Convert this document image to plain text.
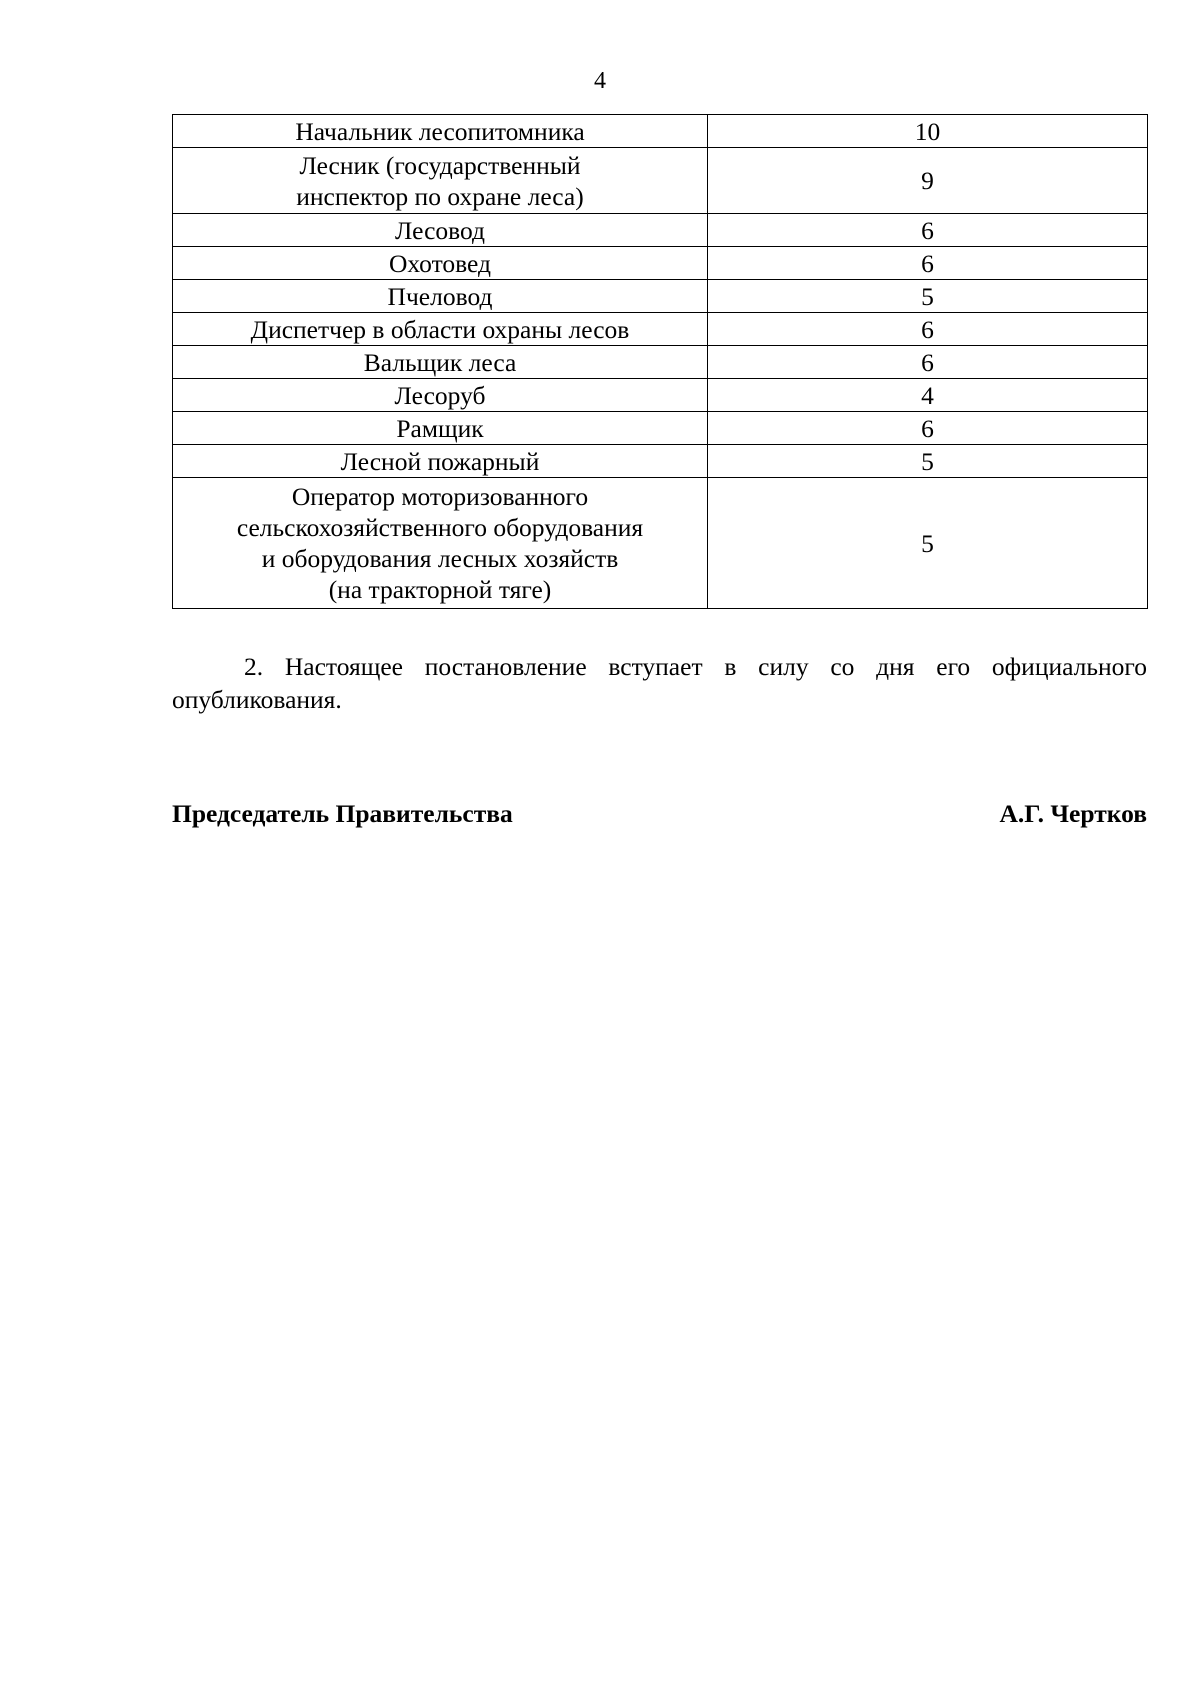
4
Начальник лесопитомника	10

Лесник (государственный
инспектор по охране леса)	9

Лесовод	6

Охотовед	6

Пчеловод	5

Диспетчер в области охраны лесов	6

Вальщик леса	6

Лесоруб	4

Рамщик	6

Лесной пожарный	5

Оператор моторизованного
сельскохозяйственного оборудования
и оборудования лесных хозяйств
(на тракторной тяге)	5
2. Настоящее постановление вступает в силу со дня его официального
опубликования.
Председатель Правительства	А.Г. Чертков
